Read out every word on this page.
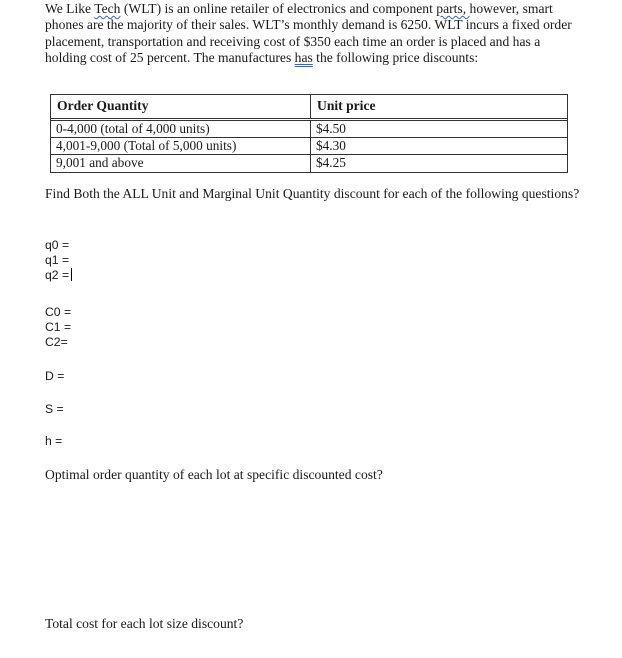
We Like Tech (WLT) is an online retailer of electronics and component parts, however, smart phones are the majority of their sales. WLT’s monthly demand is 6250. WLT incurs a fixed order placement, transportation and receiving cost of $350 each time an order is placed and has a holding cost of 25 percent. The manufactures has the following price discounts:

Order Quantity	Unit price
0-4,000 (total of 4,000 units)	$4.50
4,001-9,000 (Total of 5,000 units)	$4.30
9,001 and above	$4.25

Find Both the ALL Unit and Marginal Unit Quantity discount for each of the following questions?

q0 =
q1 =
q2 =
C0 =
C1 =
C2=
D =
S =
h =

Optimal order quantity of each lot at specific discounted cost?

Total cost for each lot size discount?
